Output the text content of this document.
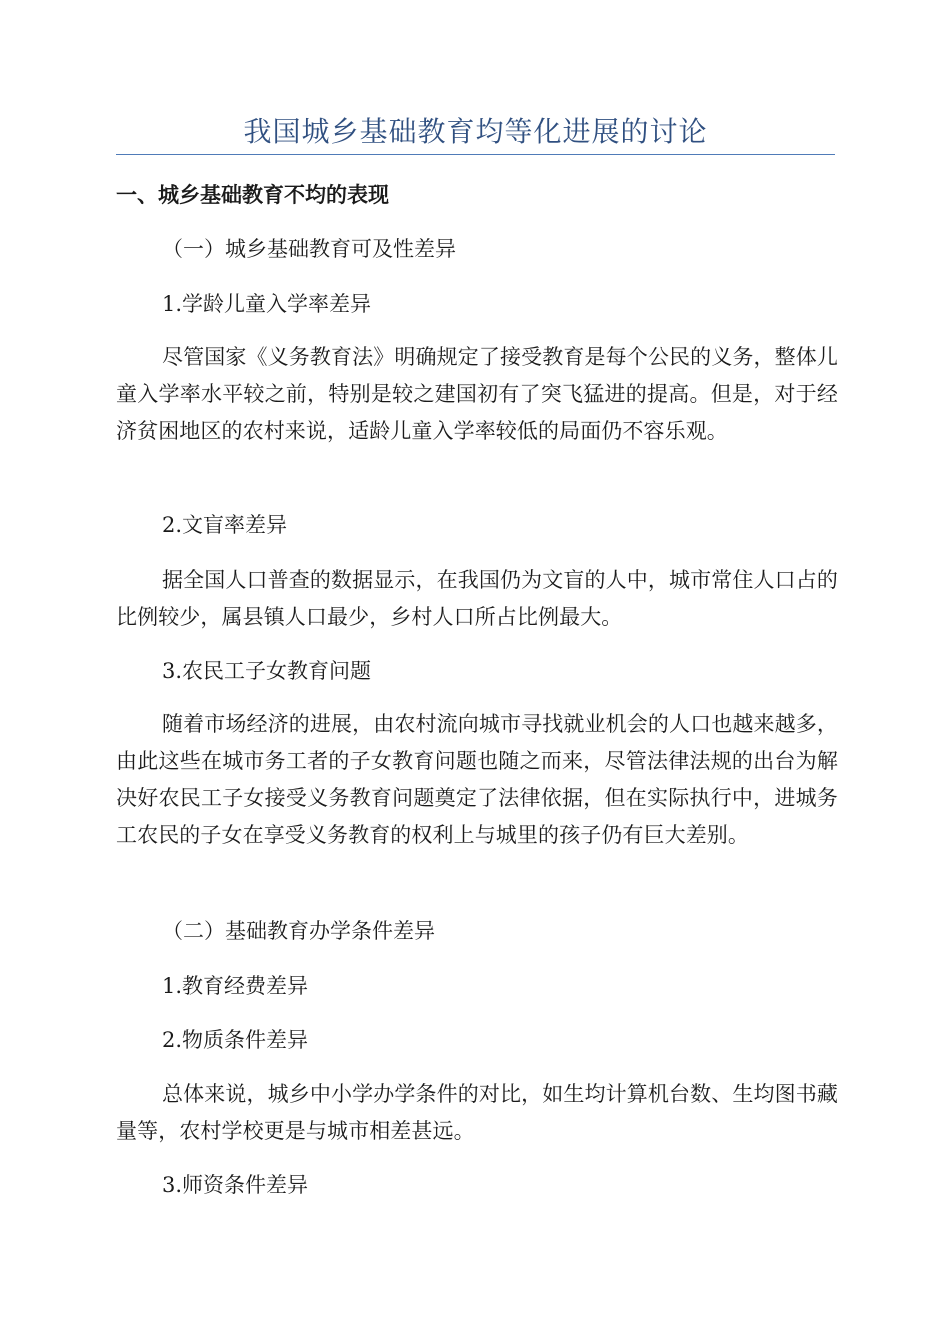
我国城乡基础教育均等化进展的讨论
一、城乡基础教育不均的表现
（一）城乡基础教育可及性差异
1.学龄儿童入学率差异
尽管国家《义务教育法》明确规定了接受教育是每个公民的义务，整体儿童入学率水平较之前，特别是较之建国初有了突飞猛进的提高。但是，对于经济贫困地区的农村来说，适龄儿童入学率较低的局面仍不容乐观。
2.文盲率差异
据全国人口普查的数据显示，在我国仍为文盲的人中，城市常住人口占的比例较少，属县镇人口最少，乡村人口所占比例最大。
3.农民工子女教育问题
随着市场经济的进展，由农村流向城市寻找就业机会的人口也越来越多，由此这些在城市务工者的子女教育问题也随之而来，尽管法律法规的出台为解决好农民工子女接受义务教育问题奠定了法律依据，但在实际执行中，进城务工农民的子女在享受义务教育的权利上与城里的孩子仍有巨大差别。
（二）基础教育办学条件差异
1.教育经费差异
2.物质条件差异
总体来说，城乡中小学办学条件的对比，如生均计算机台数、生均图书藏量等，农村学校更是与城市相差甚远。
3.师资条件差异
